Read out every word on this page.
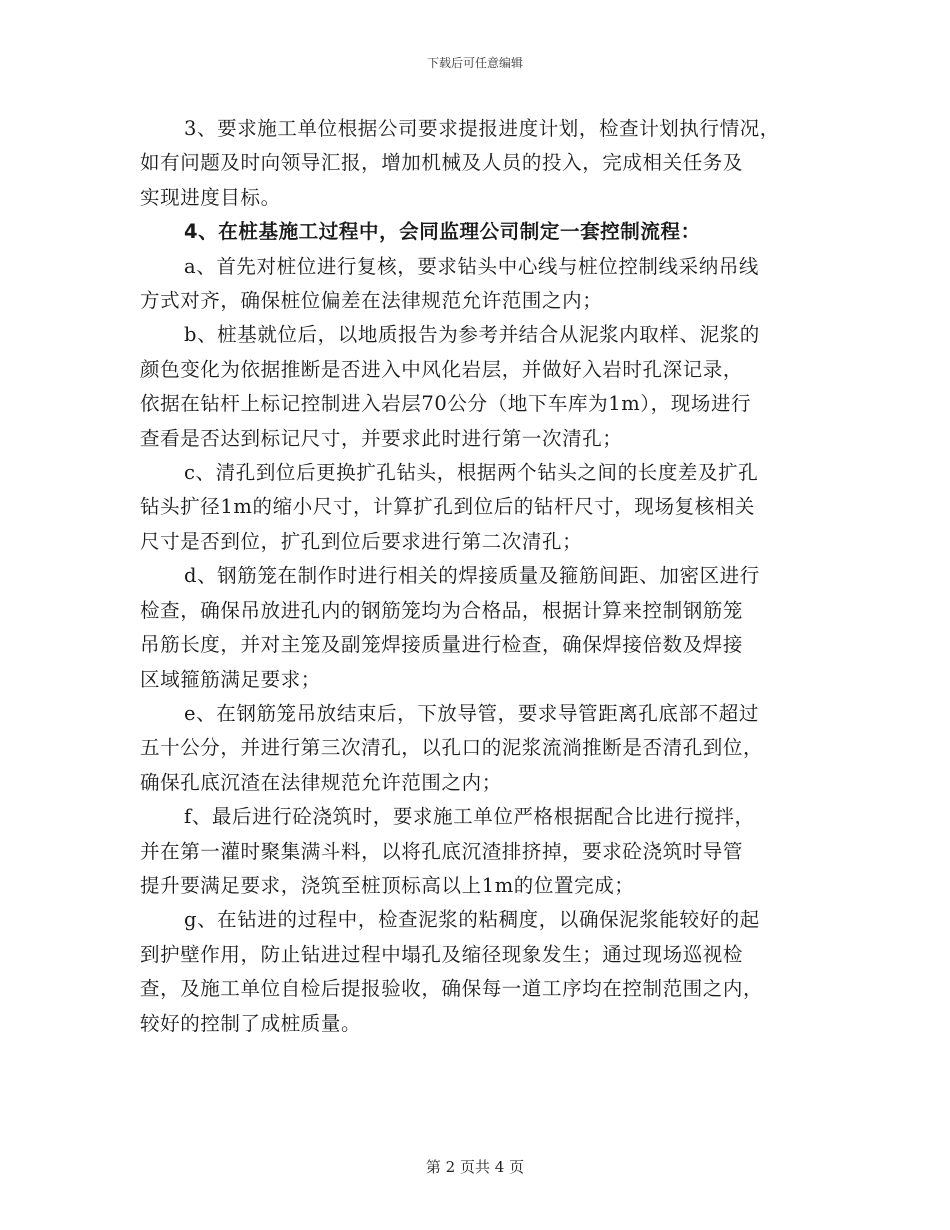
下载后可任意编辑

3、要求施工单位根据公司要求提报进度计划，检查计划执行情况，
如有问题及时向领导汇报，增加机械及人员的投入，完成相关任务及
实现进度目标。

4、在桩基施工过程中，会同监理公司制定一套控制流程：

a、首先对桩位进行复核，要求钻头中心线与桩位控制线采纳吊线
方式对齐，确保桩位偏差在法律规范允许范围之内；

b、桩基就位后，以地质报告为参考并结合从泥浆内取样、泥浆的
颜色变化为依据推断是否进入中风化岩层，并做好入岩时孔深记录，
依据在钻杆上标记控制进入岩层70公分（地下车库为1m），现场进行
查看是否达到标记尺寸，并要求此时进行第一次清孔；

c、清孔到位后更换扩孔钻头，根据两个钻头之间的长度差及扩孔
钻头扩径1m的缩小尺寸，计算扩孔到位后的钻杆尺寸，现场复核相关
尺寸是否到位，扩孔到位后要求进行第二次清孔；

d、钢筋笼在制作时进行相关的焊接质量及箍筋间距、加密区进行
检查，确保吊放进孔内的钢筋笼均为合格品，根据计算来控制钢筋笼
吊筋长度，并对主笼及副笼焊接质量进行检查，确保焊接倍数及焊接
区域箍筋满足要求；

e、在钢筋笼吊放结束后，下放导管，要求导管距离孔底部不超过
五十公分，并进行第三次清孔，以孔口的泥浆流淌推断是否清孔到位，
确保孔底沉渣在法律规范允许范围之内；

f、最后进行砼浇筑时，要求施工单位严格根据配合比进行搅拌，
并在第一灌时聚集满斗料，以将孔底沉渣排挤掉，要求砼浇筑时导管
提升要满足要求，浇筑至桩顶标高以上1m的位置完成；

g、在钻进的过程中，检查泥浆的粘稠度，以确保泥浆能较好的起
到护壁作用，防止钻进过程中塌孔及缩径现象发生；通过现场巡视检
查，及施工单位自检后提报验收，确保每一道工序均在控制范围之内，
较好的控制了成桩质量。

第 2 页共 4 页
